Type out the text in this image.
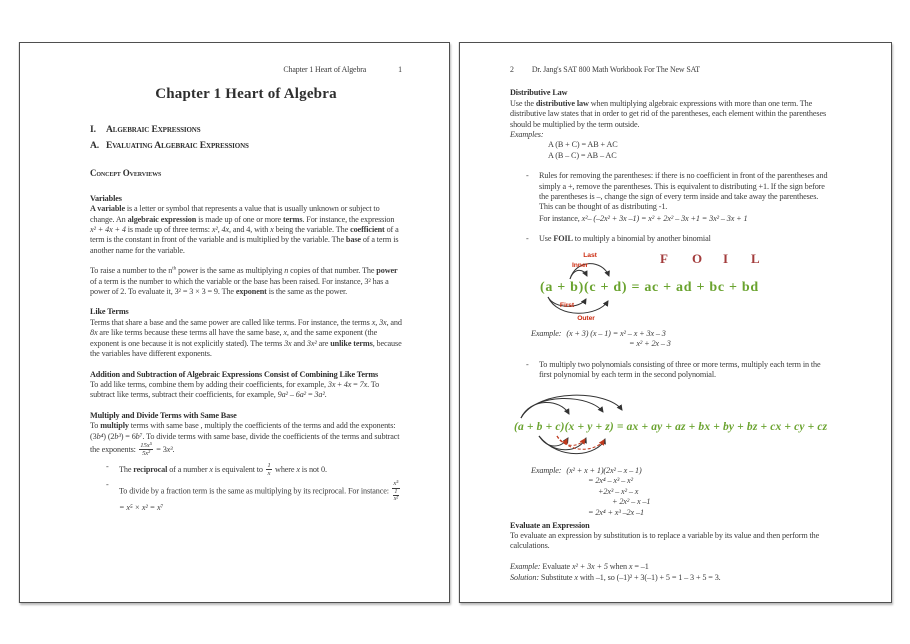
Chapter 1 Heart of Algebra	1
Chapter 1 Heart of Algebra
I.	Algebraic Expressions
A. Evaluating Algebraic Expressions
Concept Overviews
Variables

A variable is a letter or symbol that represents a value that is usually unknown or subject to change. An algebraic expression is made up of one or more terms. For instance, the expression x² + 4x + 4 is made up of three terms: x², 4x, and 4, with x being the variable. The coefficient of a term is the constant in front of the variable and is multiplied by the variable. The base of a term is another name for the variable.

To raise a number to the $n^{th}$ power is the same as multiplying n copies of that number. The power of a term is the number to which the variable or the base has been raised. For instance, 3² has a power of 2. To evaluate it, 3² = 3 × 3 = 9. The exponent is the same as the power.

Like Terms

Terms that share a base and the same power are called like terms. For instance, the terms x, 3x, and 8x are like terms because these terms all have the same base, x, and the same exponent (the exponent is one because it is not explicitly stated). The terms 3x and 3x² are unlike terms, because the variables have different exponents.

Addition and Subtraction of Algebraic Expressions Consist of Combining Like Terms

To add like terms, combine them by adding their coefficients, for example, 3x + 4x = 7x. To subtract like terms, subtract their coefficients, for example, 9a² – 6a² = 3a².

Multiply and Divide Terms with Same Base

To multiply terms with same base , multiply the coefficients of the terms and add the exponents: (3b⁴) (2b³) = 6b⁷. To divide terms with same base, divide the coefficients of the terms and subtract the exponents: $\frac{\text{15x⁵}}{\text{5x²}} = 3x^3$.

-	The reciprocal of a number x is equivalent to $\frac{1}{x}$ where x is not 0.
-
To divide by a fraction term is the same as multiplying by its reciprocal. For instance: $\frac{\text{x⁵}}{\frac{1}{\text{x²}}}$
= x⁵ × x² = x⁷
2 Dr. Jang's SAT 800 Math Workbook For The New SAT
Distributive Law

Use the distributive law when multiplying algebraic expressions with more than one term. The distributive law states that in order to get rid of the parentheses, each element within the parentheses should be multiplied by the term outside.

Examples:
A (B + C) = AB + AC
A (B – C) = AB – AC
-	Rules for removing the parentheses: if there is no coefficient in front of the parentheses and simply a +, remove the parentheses. This is equivalent to distributing +1. If the sign before the parentheses is –, change the sign of every term inside and take away the parentheses. This can be thought of as distributing -1.
For instance, x²– (–2x² + 3x –1) = x² + 2x² – 3x +1 = 3x² – 3x + 1
-	Use FOIL to multiply a binomial by another binomial
Last
Inner
First
Outer
F O I L
(a + b)(c + d) = ac + ad + bc + bd
Example: (x + 3) (x – 1) = x² – x + 3x – 3
= x² + 2x – 3
-	To multiply two polynomials consisting of three or more terms, multiply each term in the first polynomial by each term in the second polynomial.
(a + b + c)(x + y + z) = ax + ay + az + bx + by + bz + cx + cy + cz
Example: (x² + x + 1)(2x² – x – 1)
= 2x⁴ – x³ – x²
+2x³ – x² – x
+ 2x² – x –1
= 2x⁴ + x³ –2x –1
Evaluate an Expression

To evaluate an expression by substitution is to replace a variable by its value and then perform the calculations.

Example: Evaluate x² + 3x + 5 when x = –1
Solution: Substitute x with –1, so (–1)² + 3(–1) + 5 = 1 – 3 + 5 = 3.
